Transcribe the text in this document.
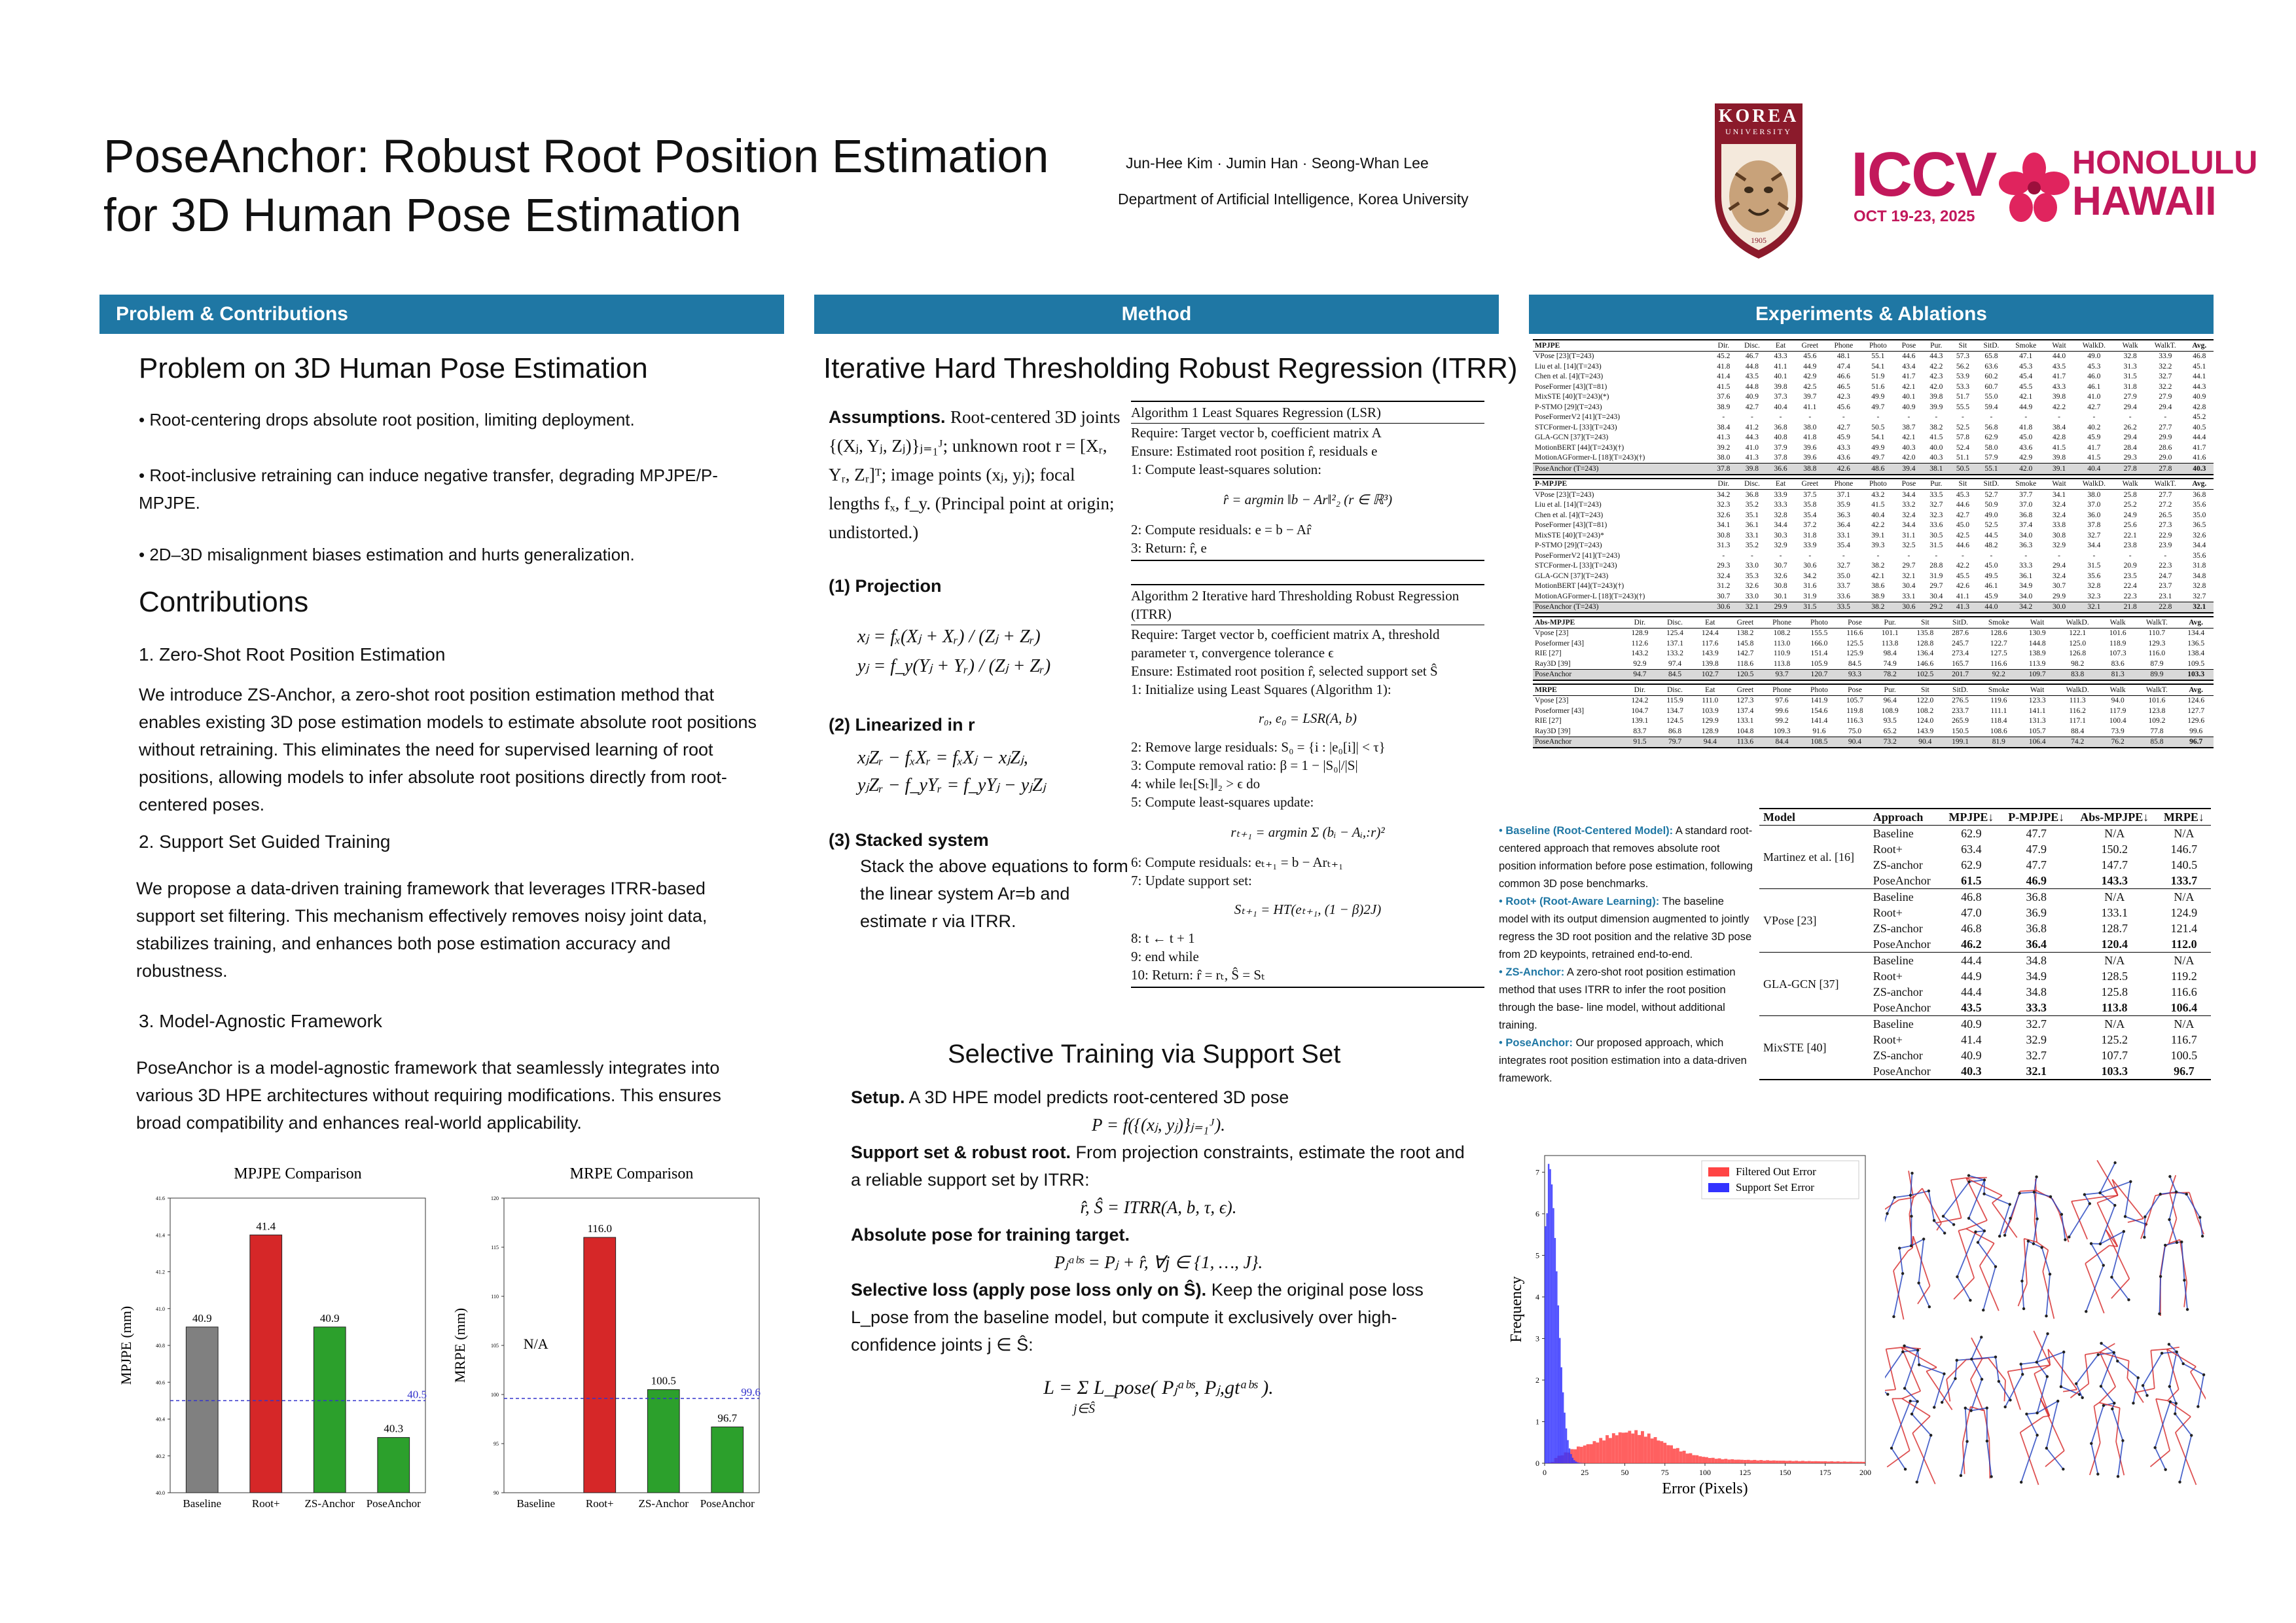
PoseAnchor: Robust Root Position Estimation
for 3D Human Pose Estimation
Jun-Hee Kim · Jumin Han · Seong-Whan Lee
Department of Artificial Intelligence, Korea University
KOREA
UNIVERSITY
1905
ICCV
OCT 19-23, 2025
HONOLULU
HAWAII
Problem & Contributions	Method	Experiments & Ablations
Problem on 3D Human Pose Estimation
• Root-centering drops absolute root position, limiting deployment.
• Root-inclusive retraining can induce negative transfer, degrading MPJPE/P-MPJPE.
• 2D–3D misalignment biases estimation and hurts generalization.
Contributions
1. Zero-Shot Root Position Estimation
We introduce ZS-Anchor, a zero-shot root position estimation method that enables existing 3D pose estimation models to estimate absolute root positions without retraining. This eliminates the need for supervised learning of root positions, allowing models to infer absolute root positions directly from root-centered poses.
2. Support Set Guided Training
We propose a data-driven training framework that leverages ITRR-based support set filtering. This mechanism effectively removes noisy joint data, stabilizes training, and enhances both pose estimation accuracy and robustness.
3. Model-Agnostic Framework
PoseAnchor is a model-agnostic framework that seamlessly integrates into various 3D HPE architectures without requiring modifications. This ensures broad compatibility and enhances real-world applicability.
MPJPE Comparison
40.0
40.2
40.4
40.6
40.8
41.0
41.2
41.4
41.6
MPJPE (mm)	40.9
Baseline
41.4
Root+
40.9
ZS-Anchor
40.3
PoseAnchor
40.5
MRPE Comparison
90
95
100
105
110
115
120
MRPE (mm)	N/A
Baseline
116.0
Root+
100.5
ZS-Anchor
96.7
PoseAnchor
99.6
Iterative Hard Thresholding Robust Regression (ITRR)
Assumptions. Root-centered 3D joints {(Xⱼ, Yⱼ, Zⱼ)}ⱼ₌₁ᴶ; unknown root r = [Xᵣ, Yᵣ, Zᵣ]ᵀ; image points (xⱼ, yⱼ); focal lengths fₓ, f_y. (Principal point at origin; undistorted.)
(1) Projection
xⱼ = fₓ(Xⱼ + Xᵣ) / (Zⱼ + Zᵣ)
yⱼ = f_y(Yⱼ + Yᵣ) / (Zⱼ + Zᵣ)
(2) Linearized in r
xⱼZᵣ − fₓXᵣ = fₓXⱼ − xⱼZⱼ,
yⱼZᵣ − f_yYᵣ = f_yYⱼ − yⱼZⱼ
(3) Stacked system
Stack the above equations to form the linear system Ar=b and estimate r via ITRR.
Algorithm 1 Least Squares Regression (LSR)
Require: Target vector b, coefficient matrix A
Ensure: Estimated root position r̂, residuals e
1: Compute least-squares solution:
r̂ = argmin ‖b − Ar‖²₂ (r ∈ ℝ³)
2: Compute residuals: e = b − Ar̂
3: Return: r̂, e
Algorithm 2 Iterative hard Thresholding Robust Regression (ITRR)
Require: Target vector b, coefficient matrix A, threshold parameter τ, convergence tolerance ϵ
Ensure: Estimated root position r̂, selected support set Ŝ
1: Initialize using Least Squares (Algorithm 1):
r₀, e₀ = LSR(A, b)
2: Remove large residuals: S₀ = {i : |e₀[i]| < τ}
3: Compute removal ratio: β = 1 − |S₀|/|S|
4: while ‖eₜ[Sₜ]‖₂ > ϵ do
5: Compute least-squares update:
rₜ₊₁ = argmin Σ (bᵢ − Aᵢ,:r)²
6: Compute residuals: eₜ₊₁ = b − Arₜ₊₁
7: Update support set:
Sₜ₊₁ = HT(eₜ₊₁, (1 − β)2J)
8: t ← t + 1
9: end while
10: Return: r̂ = rₜ, Ŝ = Sₜ
Selective Training via Support Set
Setup. A 3D HPE model predicts root-centered 3D pose
P = f({(xⱼ, yⱼ)}ⱼ₌₁ᴶ).
Support set & robust root. From projection constraints, estimate the root and a reliable support set by ITRR:
r̂, Ŝ = ITRR(A, b, τ, ϵ).
Absolute pose for training target.
Pⱼᵃᵇˢ = Pⱼ + r̂, ∀j ∈ {1, …, J}.
Selective loss (apply pose loss only on Ŝ). Keep the original pose loss L_pose from the baseline model, but compute it exclusively over high-confidence joints j ∈ Ŝ:
L = Σ L_pose( Pⱼᵃᵇˢ, Pⱼ,gtᵃᵇˢ ).
j∈Ŝ
MPJPE	Dir.	Disc.	Eat	Greet	Phone	Photo	Pose	Pur.	Sit	SitD.	Smoke	Wait	WalkD.	Walk	WalkT.	Avg.
VPose [23](T=243)	45.2	46.7	43.3	45.6	48.1	55.1	44.6	44.3	57.3	65.8	47.1	44.0	49.0	32.8	33.9	46.8
Liu et al. [14](T=243)	41.8	44.8	41.1	44.9	47.4	54.1	43.4	42.2	56.2	63.6	45.3	43.5	45.3	31.3	32.2	45.1
Chen et al. [4](T=243)	41.4	43.5	40.1	42.9	46.6	51.9	41.7	42.3	53.9	60.2	45.4	41.7	46.0	31.5	32.7	44.1
PoseFormer [43](T=81)	41.5	44.8	39.8	42.5	46.5	51.6	42.1	42.0	53.3	60.7	45.5	43.3	46.1	31.8	32.2	44.3
MixSTE [40](T=243)(*)	37.6	40.9	37.3	39.7	42.3	49.9	40.1	39.8	51.7	55.0	42.1	39.8	41.0	27.9	27.9	40.9
P-STMO [29](T=243)	38.9	42.7	40.4	41.1	45.6	49.7	40.9	39.9	55.5	59.4	44.9	42.2	42.7	29.4	29.4	42.8
PoseFormerV2 [41](T=243)	-	-	-	-	-	-	-	-	-	-	-	-	-	-	-	45.2
STCFormer-L [33](T=243)	38.4	41.2	36.8	38.0	42.7	50.5	38.7	38.2	52.5	56.8	41.8	38.4	40.2	26.2	27.7	40.5
GLA-GCN [37](T=243)	41.3	44.3	40.8	41.8	45.9	54.1	42.1	41.5	57.8	62.9	45.0	42.8	45.9	29.4	29.9	44.4
MotionBERT [44](T=243)(†)	39.2	41.0	37.9	39.6	43.3	49.9	40.3	40.0	52.4	58.0	43.6	41.5	41.7	28.4	28.6	41.7
MotionAGFormer-L [18](T=243)(†)	38.0	41.3	37.8	39.6	43.6	49.7	42.0	40.3	51.1	57.9	42.9	39.8	41.5	29.3	29.0	41.6
PoseAnchor (T=243)	37.8	39.8	36.6	38.8	42.6	48.6	39.4	38.1	50.5	55.1	42.0	39.1	40.4	27.8	27.8	40.3
P-MPJPE	Dir.	Disc.	Eat	Greet	Phone	Photo	Pose	Pur.	Sit	SitD.	Smoke	Wait	WalkD.	Walk	WalkT.	Avg.
VPose [23](T=243)	34.2	36.8	33.9	37.5	37.1	43.2	34.4	33.5	45.3	52.7	37.7	34.1	38.0	25.8	27.7	36.8
Liu et al. [14](T=243)	32.3	35.2	33.3	35.8	35.9	41.5	33.2	32.7	44.6	50.9	37.0	32.4	37.0	25.2	27.2	35.6
Chen et al. [4](T=243)	32.6	35.1	32.8	35.4	36.3	40.4	32.4	32.3	42.7	49.0	36.8	32.4	36.0	24.9	26.5	35.0
PoseFormer [43](T=81)	34.1	36.1	34.4	37.2	36.4	42.2	34.4	33.6	45.0	52.5	37.4	33.8	37.8	25.6	27.3	36.5
MixSTE [40](T=243)*	30.8	33.1	30.3	31.8	33.1	39.1	31.1	30.5	42.5	44.5	34.0	30.8	32.7	22.1	22.9	32.6
P-STMO [29](T=243)	31.3	35.2	32.9	33.9	35.4	39.3	32.5	31.5	44.6	48.2	36.3	32.9	34.4	23.8	23.9	34.4
PoseFormerV2 [41](T=243)	-	-	-	-	-	-	-	-	-	-	-	-	-	-	-	35.6
STCFormer-L [33](T=243)	29.3	33.0	30.7	30.6	32.7	38.2	29.7	28.8	42.2	45.0	33.3	29.4	31.5	20.9	22.3	31.8
GLA-GCN [37](T=243)	32.4	35.3	32.6	34.2	35.0	42.1	32.1	31.9	45.5	49.5	36.1	32.4	35.6	23.5	24.7	34.8
MotionBERT [44](T=243)(†)	31.2	32.6	30.8	31.6	33.7	38.6	30.4	29.7	42.6	46.1	34.9	30.7	32.8	22.4	23.7	32.8
MotionAGFormer-L [18](T=243)(†)	30.7	33.0	30.1	31.9	33.6	38.9	33.1	30.4	41.1	45.9	34.0	29.9	32.3	22.3	23.1	32.7
PoseAnchor (T=243)	30.6	32.1	29.9	31.5	33.5	38.2	30.6	29.2	41.3	44.0	34.2	30.0	32.1	21.8	22.8	32.1
Abs-MPJPE	Dir.	Disc.	Eat	Greet	Phone	Photo	Pose	Pur.	Sit	SitD.	Smoke	Wait	WalkD.	Walk	WalkT.	Avg.
Vpose [23]	128.9	125.4	124.4	138.2	108.2	155.5	116.6	101.1	135.8	287.6	128.6	130.9	122.1	101.6	110.7	134.4
Poseformer [43]	112.6	137.1	117.6	145.8	113.0	166.0	125.5	113.8	128.8	245.7	122.7	144.8	125.0	118.9	129.3	136.5
RIE [27]	143.2	133.2	143.9	142.7	110.9	151.4	125.9	98.4	136.4	273.4	127.5	138.9	126.8	107.3	116.0	138.4
Ray3D [39]	92.9	97.4	139.8	118.6	113.8	105.9	84.5	74.9	146.6	165.7	116.6	113.9	98.2	83.6	87.9	109.5
PoseAnchor	94.7	84.5	102.7	120.5	93.7	120.7	93.3	78.2	102.5	201.7	92.2	109.7	83.8	81.3	89.9	103.3
MRPE	Dir.	Disc.	Eat	Greet	Phone	Photo	Pose	Pur.	Sit	SitD.	Smoke	Wait	WalkD.	Walk	WalkT.	Avg.
Vpose [23]	124.2	115.9	111.0	127.3	97.6	141.9	105.7	96.4	122.0	276.5	119.6	123.3	111.3	94.0	101.6	124.6
Poseformer [43]	104.7	134.7	103.9	137.4	99.6	154.6	119.8	108.9	108.2	233.7	111.1	141.1	116.2	117.9	123.8	127.7
RIE [27]	139.1	124.5	129.9	133.1	99.2	141.4	116.3	93.5	124.0	265.9	118.4	131.3	117.1	100.4	109.2	129.6
Ray3D [39]	83.7	86.8	128.9	104.8	109.3	91.6	75.0	65.2	143.9	150.5	108.6	105.7	88.4	73.9	77.8	99.6
PoseAnchor	91.5	79.7	94.4	113.6	84.4	108.5	90.4	73.2	90.4	199.1	81.9	106.4	74.2	76.2	85.8	96.7
• Baseline (Root-Centered Model): A standard root-centered approach that removes absolute root position information before pose estimation, following common 3D pose benchmarks.
• Root+ (Root-Aware Learning): The baseline model with its output dimension augmented to jointly regress the 3D root position and the relative 3D pose from 2D keypoints, retrained end-to-end.
• ZS-Anchor: A zero-shot root position estimation method that uses ITRR to infer the root position through the base- line model, without additional training.
• PoseAnchor: Our proposed approach, which integrates root position estimation into a data-driven framework.
Model	Approach	MPJPE↓	P-MPJPE↓	Abs-MPJPE↓	MRPE↓
Martinez et al. [16]	Baseline	62.9	47.7	N/A	N/A
	Root+	63.4	47.9	150.2	146.7
	ZS-anchor	62.9	47.7	147.7	140.5
	PoseAnchor	61.5	46.9	143.3	133.7
VPose [23]	Baseline	46.8	36.8	N/A	N/A
	Root+	47.0	36.9	133.1	124.9
	ZS-anchor	46.8	36.8	128.7	121.4
	PoseAnchor	46.2	36.4	120.4	112.0
GLA-GCN [37]	Baseline	44.4	34.8	N/A	N/A
	Root+	44.9	34.9	128.5	119.2
	ZS-anchor	44.4	34.8	125.8	116.6
	PoseAnchor	43.5	33.3	113.8	106.4
MixSTE [40]	Baseline	40.9	32.7	N/A	N/A
	Root+	41.4	32.9	125.2	116.7
	ZS-anchor	40.9	32.7	107.7	100.5
	PoseAnchor	40.3	32.1	103.3	96.7
0	25	50	75	100	125	150	175	200
0
1
2
3
4
5
6
7
Error (Pixels)
Frequency
Filtered Out Error
Support Set Error
